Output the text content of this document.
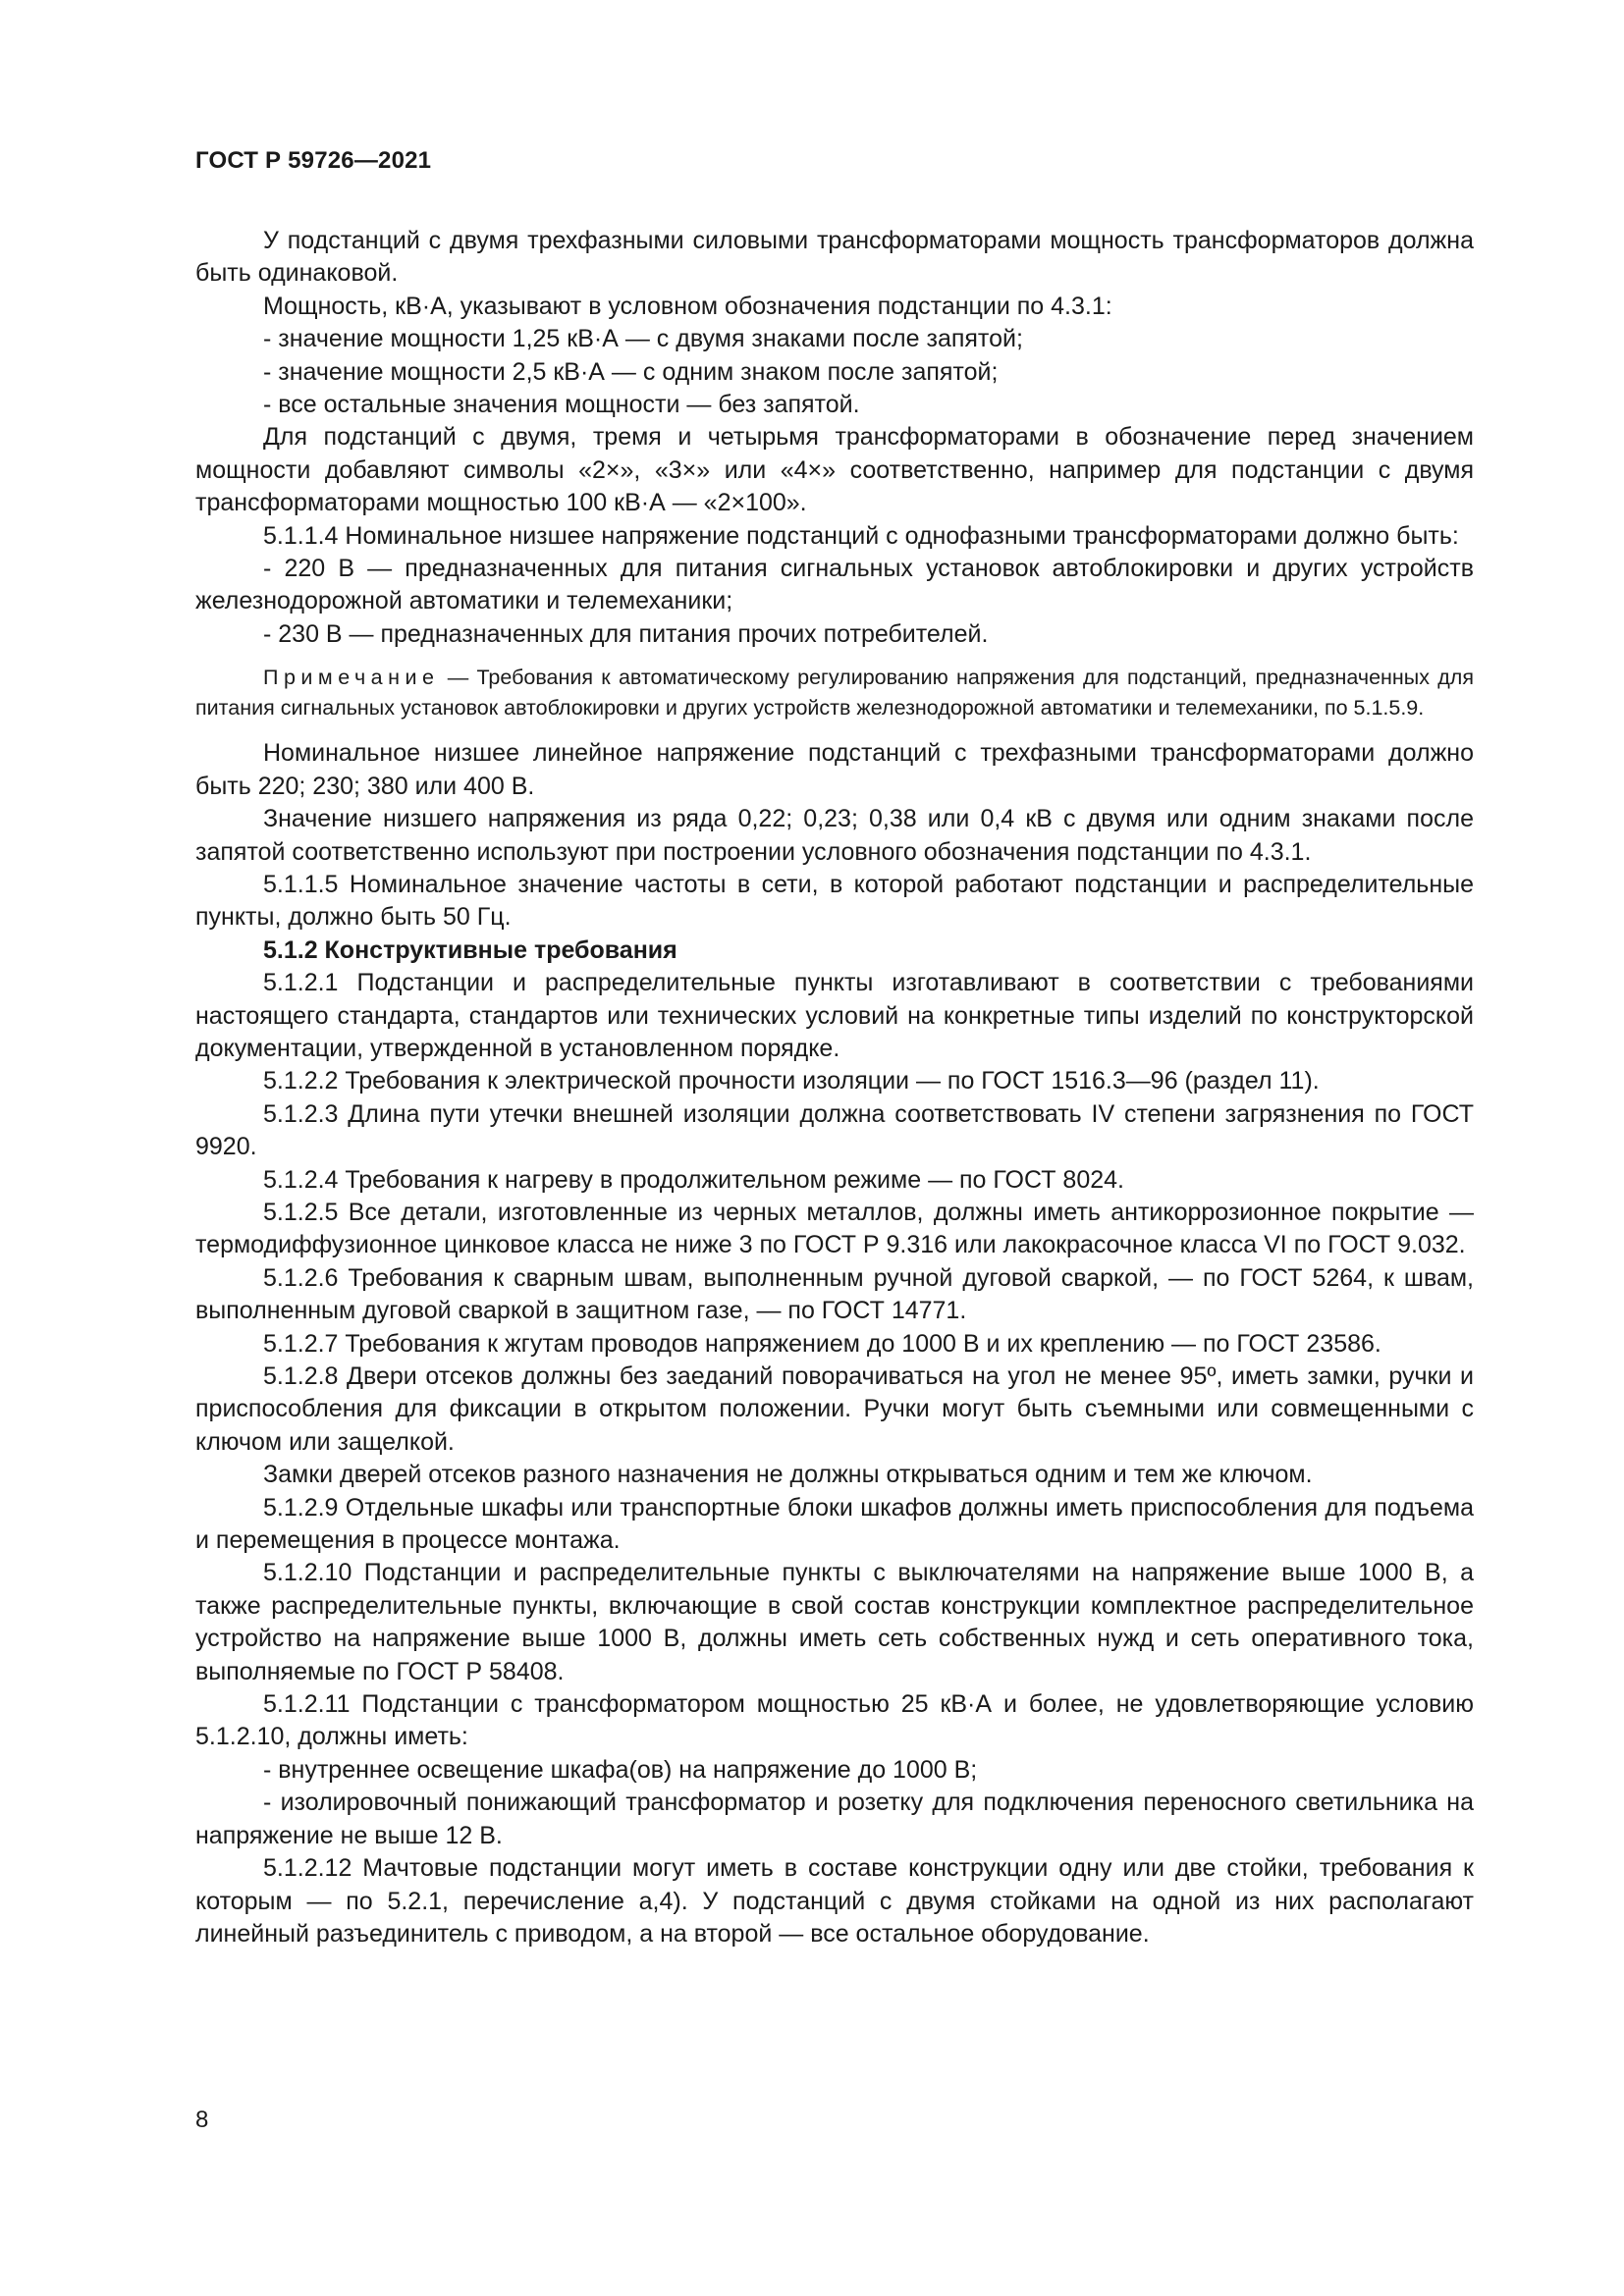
ГОСТ Р 59726—2021

У подстанций с двумя трехфазными силовыми трансформаторами мощность трансформаторов должна быть одинаковой.

Мощность, кВ·А, указывают в условном обозначения подстанции по 4.3.1:

- значение мощности 1,25 кВ·А — с двумя знаками после запятой;

- значение мощности 2,5 кВ·А — с одним знаком после запятой;

- все остальные значения мощности — без запятой.

Для подстанций с двумя, тремя и четырьмя трансформаторами в обозначение перед значением мощности добавляют символы «2×», «3×» или «4×» соответственно, например для подстанции с двумя трансформаторами мощностью 100 кВ·А — «2×100».

5.1.1.4 Номинальное низшее напряжение подстанций с однофазными трансформаторами должно быть:

- 220 В — предназначенных для питания сигнальных установок автоблокировки и других устройств железнодорожной автоматики и телемеханики;

- 230 В — предназначенных для питания прочих потребителей.

Примечание — Требования к автоматическому регулированию напряжения для подстанций, предназначенных для питания сигнальных установок автоблокировки и других устройств железнодорожной автоматики и телемеханики, по 5.1.5.9.

Номинальное низшее линейное напряжение подстанций с трехфазными трансформаторами должно быть 220; 230; 380 или 400 В.

Значение низшего напряжения из ряда 0,22; 0,23; 0,38 или 0,4 кВ с двумя или одним знаками после запятой соответственно используют при построении условного обозначения подстанции по 4.3.1.

5.1.1.5 Номинальное значение частоты в сети, в которой работают подстанции и распределительные пункты, должно быть 50 Гц.

5.1.2 Конструктивные требования

5.1.2.1 Подстанции и распределительные пункты изготавливают в соответствии с требованиями настоящего стандарта, стандартов или технических условий на конкретные типы изделий по конструкторской документации, утвержденной в установленном порядке.

5.1.2.2 Требования к электрической прочности изоляции — по ГОСТ 1516.3—96 (раздел 11).

5.1.2.3 Длина пути утечки внешней изоляции должна соответствовать IV степени загрязнения по ГОСТ 9920.

5.1.2.4 Требования к нагреву в продолжительном режиме — по ГОСТ 8024.

5.1.2.5 Все детали, изготовленные из черных металлов, должны иметь антикоррозионное покрытие — термодиффузионное цинковое класса не ниже 3 по ГОСТ Р 9.316 или лакокрасочное класса VI по ГОСТ 9.032.

5.1.2.6 Требования к сварным швам, выполненным ручной дуговой сваркой, — по ГОСТ 5264, к швам, выполненным дуговой сваркой в защитном газе, — по ГОСТ 14771.

5.1.2.7 Требования к жгутам проводов напряжением до 1000 В и их креплению — по ГОСТ 23586.

5.1.2.8 Двери отсеков должны без заеданий поворачиваться на угол не менее 95º, иметь замки, ручки и приспособления для фиксации в открытом положении. Ручки могут быть съемными или совмещенными с ключом или защелкой.

Замки дверей отсеков разного назначения не должны открываться одним и тем же ключом.

5.1.2.9 Отдельные шкафы или транспортные блоки шкафов должны иметь приспособления для подъема и перемещения в процессе монтажа.

5.1.2.10 Подстанции и распределительные пункты с выключателями на напряжение выше 1000 В, а также распределительные пункты, включающие в свой состав конструкции комплектное распределительное устройство на напряжение выше 1000 В, должны иметь сеть собственных нужд и сеть оперативного тока, выполняемые по ГОСТ Р 58408.

5.1.2.11 Подстанции с трансформатором мощностью 25 кВ·А и более, не удовлетворяющие условию 5.1.2.10, должны иметь:

- внутреннее освещение шкафа(ов) на напряжение до 1000 В;

- изолировочный понижающий трансформатор и розетку для подключения переносного светильника на напряжение не выше 12 В.

5.1.2.12 Мачтовые подстанции могут иметь в составе конструкции одну или две стойки, требования к которым — по 5.2.1, перечисление а,4). У подстанций с двумя стойками на одной из них располагают линейный разъединитель с приводом, а на второй — все остальное оборудование.

8
